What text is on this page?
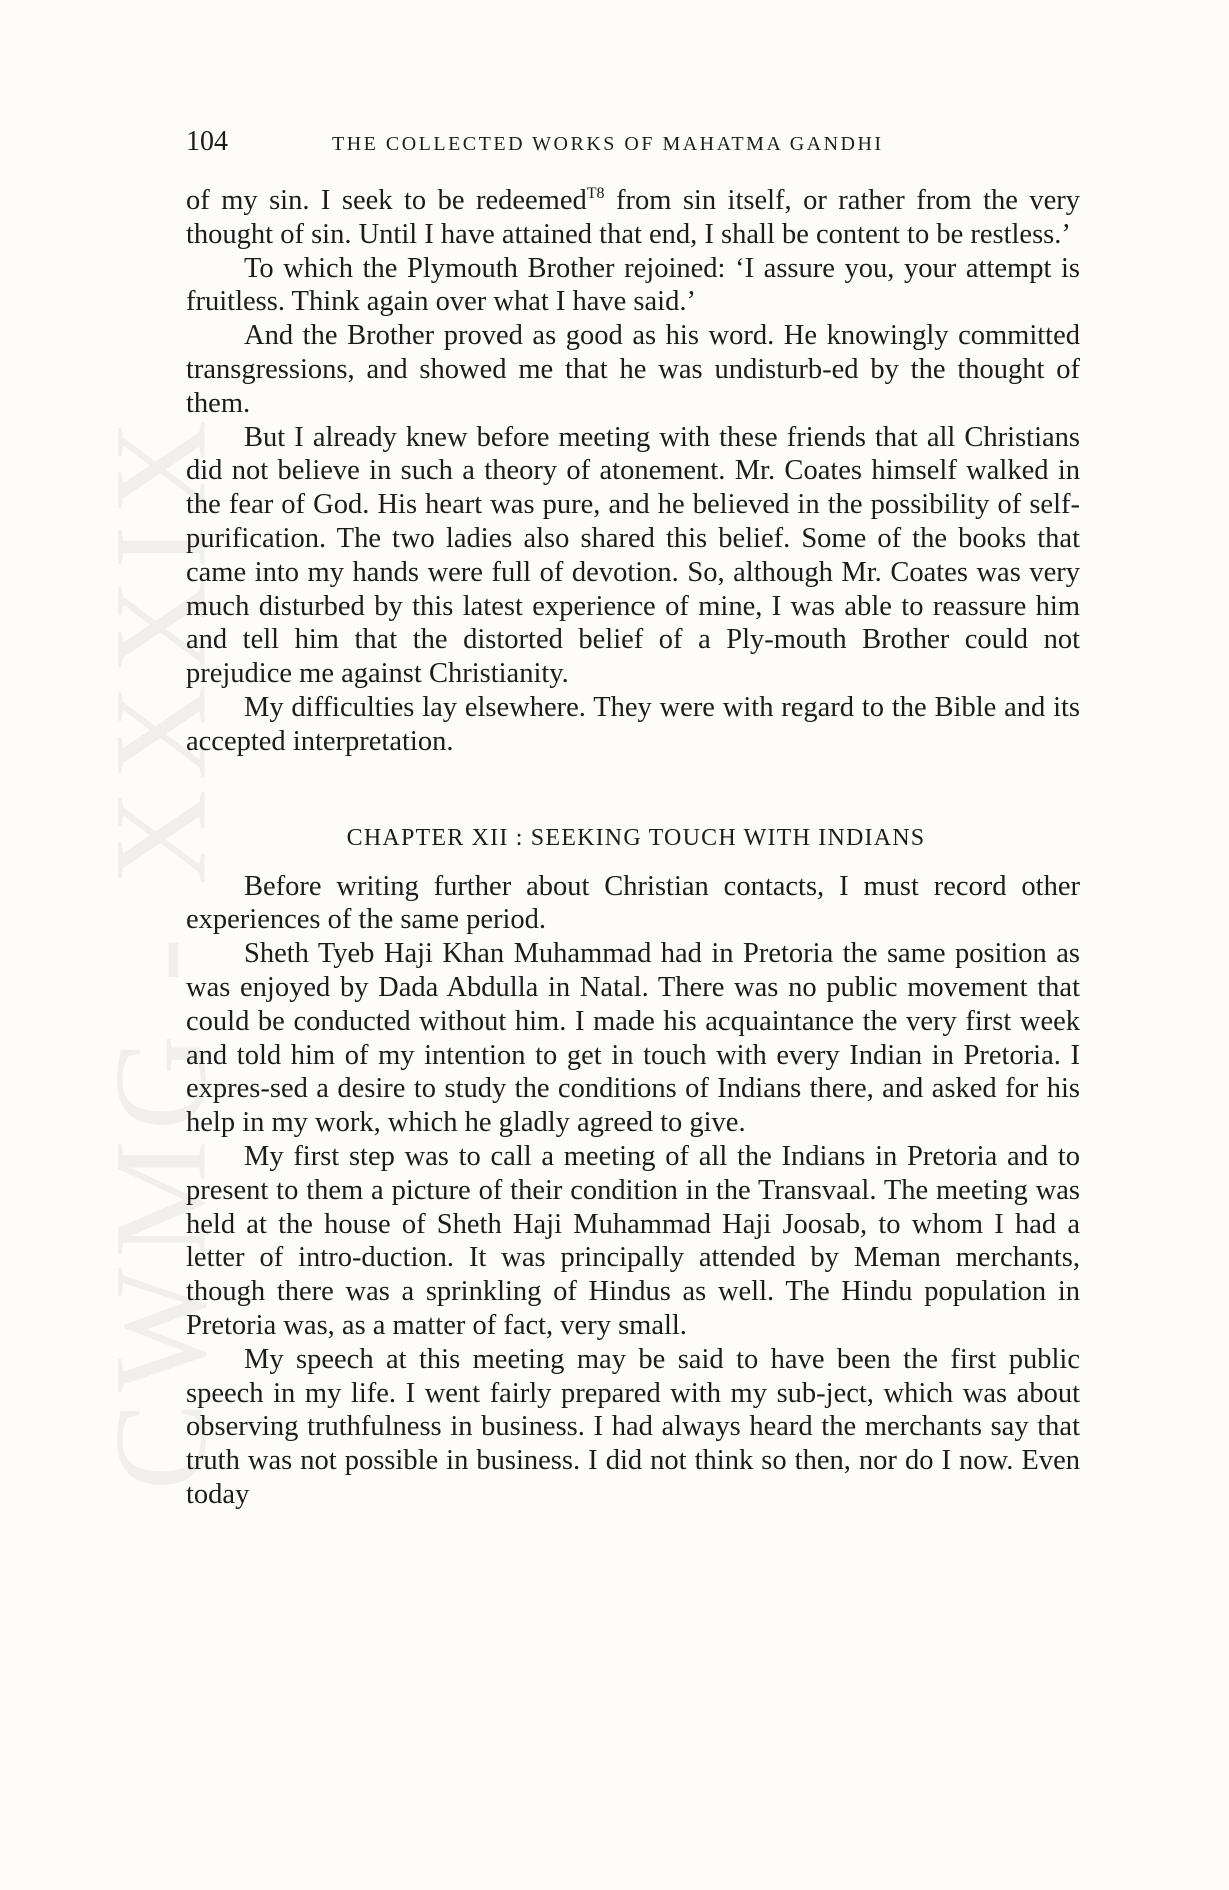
CWMG - XXXIX
104	THE COLLECTED WORKS OF MAHATMA GANDHI

of my sin. I seek to be redeemed$^{T8}$ from sin itself, or rather from the very thought of sin. Until I have attained that end, I shall be content to be restless.’

To which the Plymouth Brother rejoined: ‘I assure you, your attempt is fruitless. Think again over what I have said.’

And the Brother proved as good as his word. He knowingly committed transgressions, and showed me that he was undisturb-ed by the thought of them.

But I already knew before meeting with these friends that all Christians did not believe in such a theory of atonement. Mr. Coates himself walked in the fear of God. His heart was pure, and he believed in the possibility of self-purification. The two ladies also shared this belief. Some of the books that came into my hands were full of devotion. So, although Mr. Coates was very much disturbed by this latest experience of mine, I was able to reassure him and tell him that the distorted belief of a Ply-mouth Brother could not prejudice me against Christianity.

My difficulties lay elsewhere. They were with regard to the Bible and its accepted interpretation.

CHAPTER XII : SEEKING TOUCH WITH INDIANS

Before writing further about Christian contacts, I must record other experiences of the same period.

Sheth Tyeb Haji Khan Muhammad had in Pretoria the same position as was enjoyed by Dada Abdulla in Natal. There was no public movement that could be conducted without him. I made his acquaintance the very first week and told him of my intention to get in touch with every Indian in Pretoria. I expres-sed a desire to study the conditions of Indians there, and asked for his help in my work, which he gladly agreed to give.

My first step was to call a meeting of all the Indians in Pretoria and to present to them a picture of their condition in the Transvaal. The meeting was held at the house of Sheth Haji Muhammad Haji Joosab, to whom I had a letter of intro-duction. It was principally attended by Meman merchants, though there was a sprinkling of Hindus as well. The Hindu population in Pretoria was, as a matter of fact, very small.

My speech at this meeting may be said to have been the first public speech in my life. I went fairly prepared with my sub-ject, which was about observing truthfulness in business. I had always heard the merchants say that truth was not possible in business. I did not think so then, nor do I now. Even today
